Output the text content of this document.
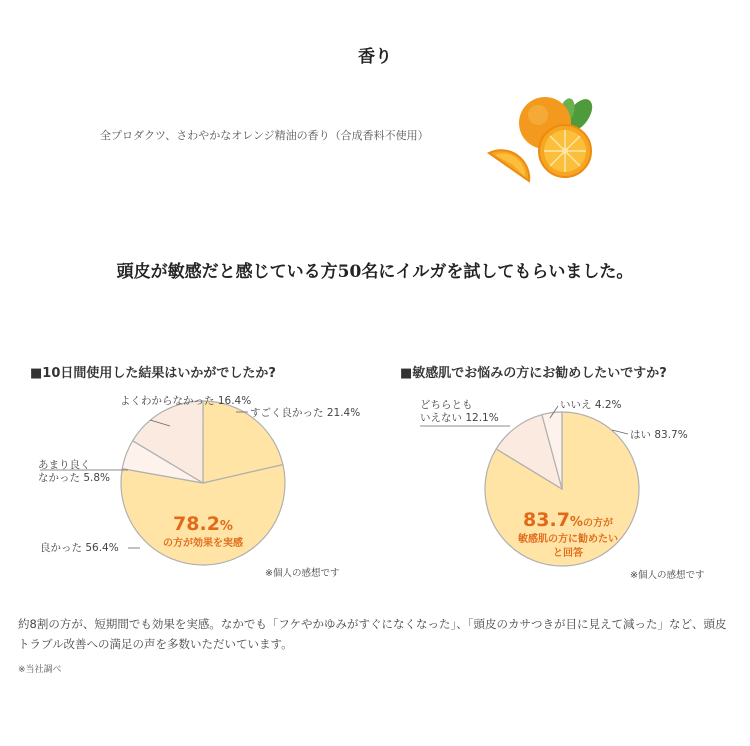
香り
全プロダクツ、さわやかなオレンジ精油の香り（合成香料不使用）
頭皮が敏感だと感じている方50名にイルガを試してもらいました。
■10日間使用した結果はいかがでしたか?	■敏感肌でお悩みの方にお勧めしたいですか?
すごく良かった 21.4%
良かった 56.4%
あまり良く
なかった 5.8%
よくわからなかった 16.4%
78.2%
の方が効果を実感
※個人の感想です
はい 83.7%
どちらとも
いえない 12.1%
いいえ 4.2%
83.7%の方が
敏感肌の方に勧めたい
と回答
※個人の感想です
約8割の方が、短期間でも効果を実感。なかでも「フケやかゆみがすぐになくなった」、「頭皮のカサつきが目に見えて減った」など、頭皮トラブル改善への満足の声を多数いただいています。
※当社調べ
